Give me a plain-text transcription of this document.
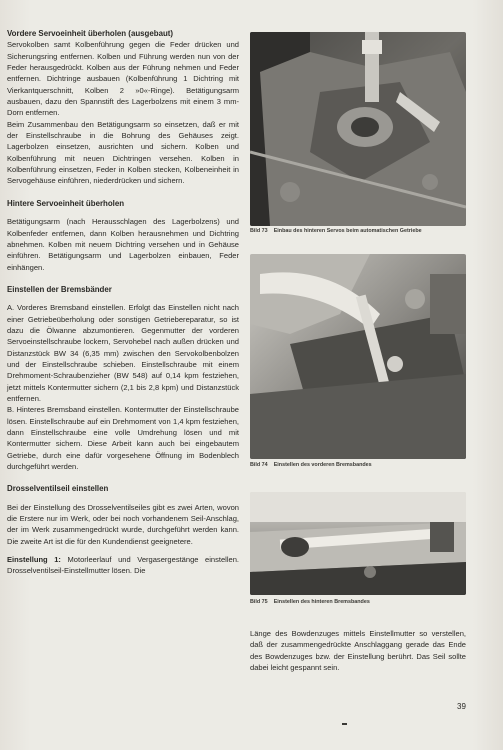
Vordere Servoeinheit überholen (ausgebaut)

Servokolben samt Kolbenführung gegen die Feder drücken und Sicherungsring entfernen. Kolben und Führung werden nun von der Feder herausgedrückt. Kolben aus der Führung nehmen und Feder entfernen. Dichtringe ausbauen (Kolbenführung 1 Dichtring mit Vierkantquerschnitt, Kolben 2 »0«-Ringe). Betätigungsarm ausbauen, dazu den Spannstift des Lagerbolzens mit einem 3 mm-Dorn entfernen.

Beim Zusammenbau den Betätigungsarm so einsetzen, daß er mit der Einstellschraube in die Bohrung des Gehäuses zeigt. Lagerbolzen einsetzen, ausrichten und sichern. Kolben und Kolbenführung mit neuen Dichtringen versehen. Kolben in Kolbenführung einsetzen, Feder in Kolben stecken, Kolbeneinheit in Servogehäuse einführen, niederdrücken und sichern.

Hintere Servoeinheit überholen

Betätigungsarm (nach Herausschlagen des Lagerbolzens) und Kolbenfeder entfernen, dann Kolben herausnehmen und Dichtring abnehmen. Kolben mit neuem Dichtring versehen und in Gehäuse einführen. Betätigungsarm und Lagerbolzen einbauen, Feder einhängen.

Einstellen der Bremsbänder

A. Vorderes Bremsband einstellen. Erfolgt das Einstellen nicht nach einer Getriebeüberholung oder sonstigen Getriebereparatur, so ist dazu die Ölwanne abzumontieren. Gegenmutter der vorderen Servoeinstellschraube lockern, Servohebel nach außen drücken und Distanzstück BW 34 (6,35 mm) zwischen den Servokolbenbolzen und der Einstellschraube schieben. Einstellschraube mit einem Drehmoment-Schraubenzieher (BW 548) auf 0,14 kpm festziehen, jetzt mittels Kontermutter sichern (2,1 bis 2,8 kpm) und Distanzstück entfernen.

B. Hinteres Bremsband einstellen. Kontermutter der Einstellschraube lösen. Einstellschraube auf ein Drehmoment von 1,4 kpm festziehen, dann Einstellschraube eine volle Umdrehung lösen und mit Kontermutter sichern. Diese Arbeit kann auch bei eingebautem Getriebe, durch eine dafür vorgesehene Öffnung im Bodenblech durchgeführt werden.

Drosselventilseil einstellen

Bei der Einstellung des Drosselventilseiles gibt es zwei Arten, wovon die Erstere nur im Werk, oder bei noch vorhandenem Seil-Anschlag, der im Werk zusammengedrückt wurde, durchgeführt werden kann. Die zweite Art ist die für den Kundendienst geeignetere.

Einstellung 1: Motorleerlauf und Vergasergestänge einstellen. Drosselventilseil-Einstellmutter lösen. Die

Bild 73 Einbau des hinteren Servos beim automatischen Getriebe
Bild 74 Einstellen des vorderen Bremsbandes
Bild 75 Einstellen des hinteren Bremsbandes

Länge des Bowdenzuges mittels Einstellmutter so verstellen, daß der zusammengedrückte Anschlaggang gerade das Ende des Bowdenzuges bzw. der Einstellung berührt. Das Seil sollte dabei leicht gespannt sein.

39
